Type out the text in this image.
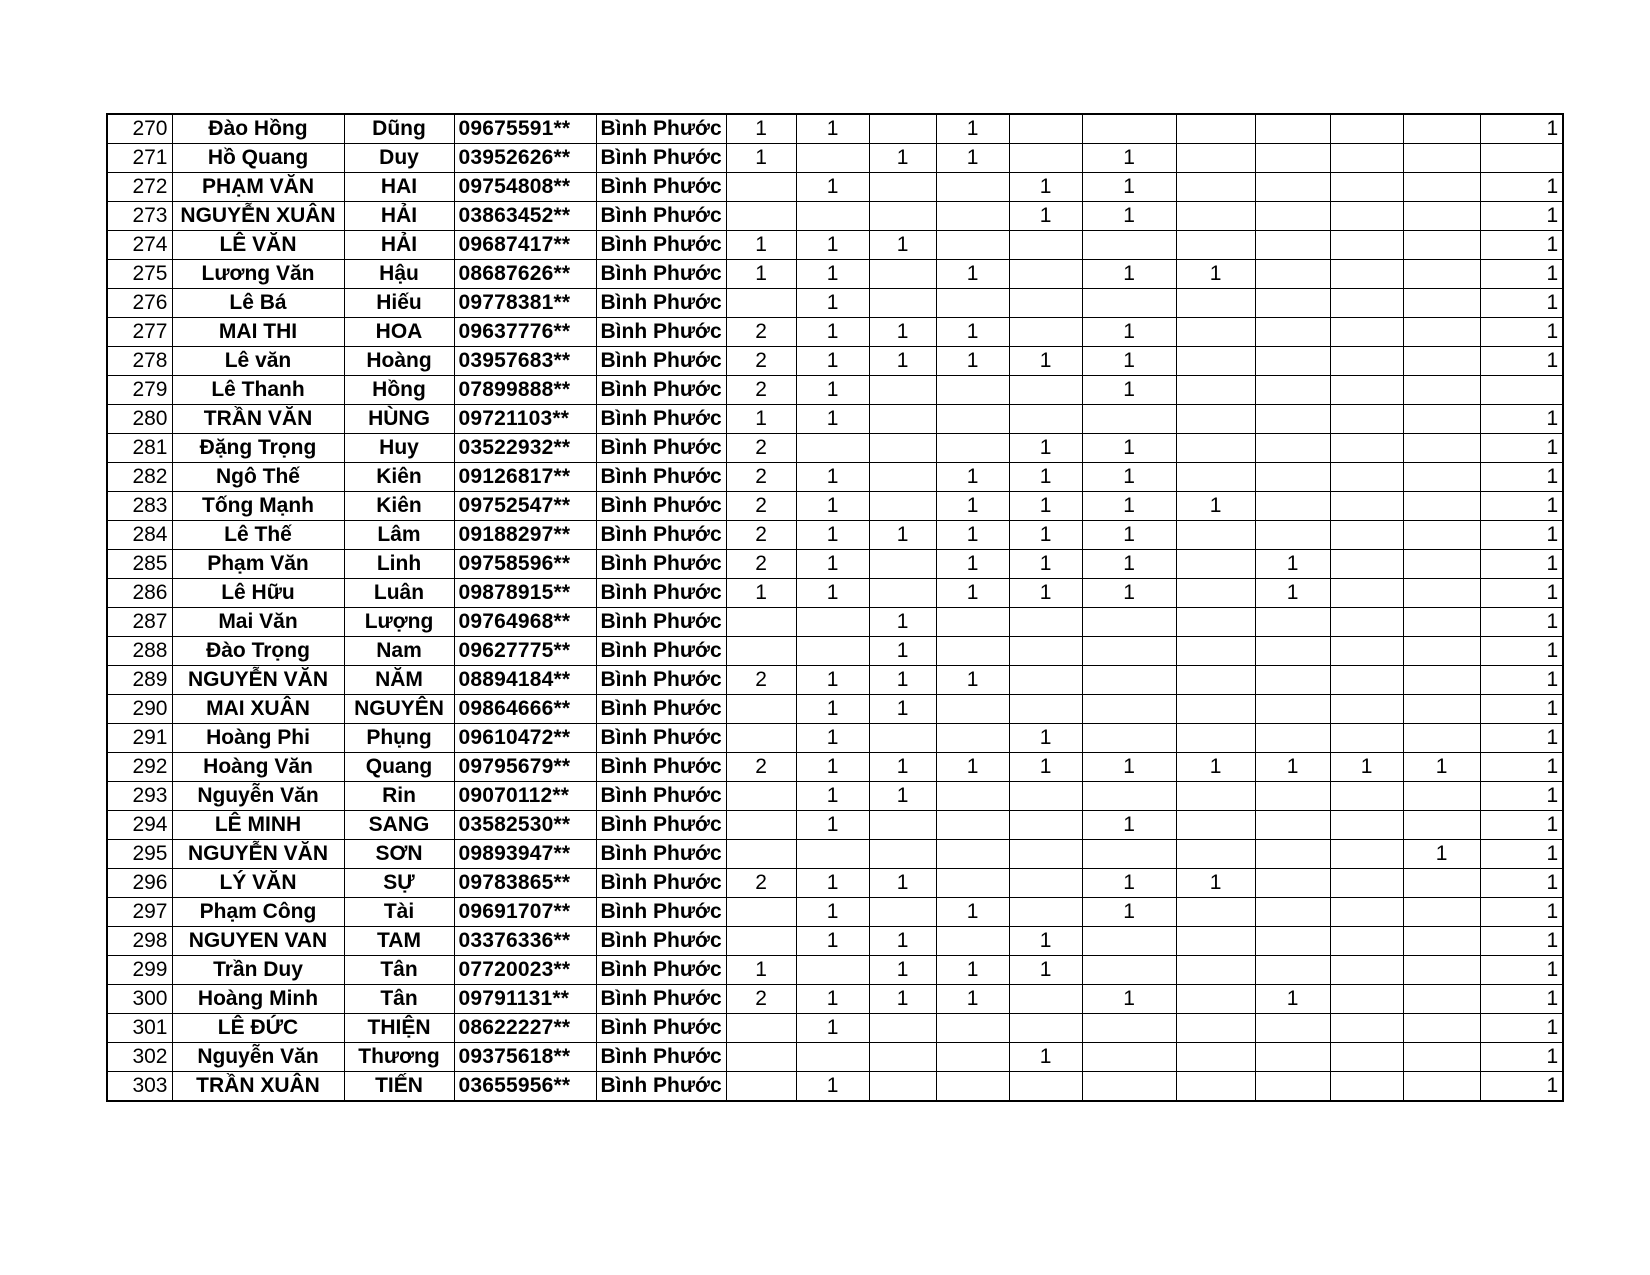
270	Đào Hồng	Dũng	09675591**	Bình Phước	1	1		1							1
271	Hồ Quang	Duy	03952626**	Bình Phước	1		1	1		1					
272	PHẠM VĂN	HAI	09754808**	Bình Phước		1			1	1					1
273	NGUYỄN XUÂN	HẢI	03863452**	Bình Phước					1	1					1
274	LÊ VĂN	HẢI	09687417**	Bình Phước	1	1	1								1
275	Lương Văn	Hậu	08687626**	Bình Phước	1	1		1		1	1				1
276	Lê Bá	Hiếu	09778381**	Bình Phước		1									1
277	MAI THI	HOA	09637776**	Bình Phước	2	1	1	1		1					1
278	Lê văn	Hoàng	03957683**	Bình Phước	2	1	1	1	1	1					1
279	Lê Thanh	Hồng	07899888**	Bình Phước	2	1				1					
280	TRẦN VĂN	HÙNG	09721103**	Bình Phước	1	1									1
281	Đặng Trọng	Huy	03522932**	Bình Phước	2				1	1					1
282	Ngô Thế	Kiên	09126817**	Bình Phước	2	1		1	1	1					1
283	Tống Mạnh	Kiên	09752547**	Bình Phước	2	1		1	1	1	1				1
284	Lê Thế	Lâm	09188297**	Bình Phước	2	1	1	1	1	1					1
285	Phạm Văn	Linh	09758596**	Bình Phước	2	1		1	1	1		1			1
286	Lê Hữu	Luân	09878915**	Bình Phước	1	1		1	1	1		1			1
287	Mai Văn	Lượng	09764968**	Bình Phước			1								1
288	Đào Trọng	Nam	09627775**	Bình Phước			1								1
289	NGUYỄN VĂN	NĂM	08894184**	Bình Phước	2	1	1	1							1
290	MAI XUÂN	NGUYÊN	09864666**	Bình Phước		1	1								1
291	Hoàng Phi	Phụng	09610472**	Bình Phước		1			1						1
292	Hoàng Văn	Quang	09795679**	Bình Phước	2	1	1	1	1	1	1	1	1	1	1
293	Nguyễn Văn	Rin	09070112**	Bình Phước		1	1								1
294	LÊ MINH	SANG	03582530**	Bình Phước		1				1					1
295	NGUYỄN VĂN	SƠN	09893947**	Bình Phước										1	1
296	LÝ VĂN	SỰ	09783865**	Bình Phước	2	1	1			1	1				1
297	Phạm Công	Tài	09691707**	Bình Phước		1		1		1					1
298	NGUYEN VAN	TAM	03376336**	Bình Phước		1	1		1						1
299	Trần Duy	Tân	07720023**	Bình Phước	1		1	1	1						1
300	Hoàng Minh	Tân	09791131**	Bình Phước	2	1	1	1		1		1			1
301	LÊ ĐỨC	THIỆN	08622227**	Bình Phước		1									1
302	Nguyễn Văn	Thương	09375618**	Bình Phước					1						1
303	TRẦN XUÂN	TIẾN	03655956**	Bình Phước		1									1
